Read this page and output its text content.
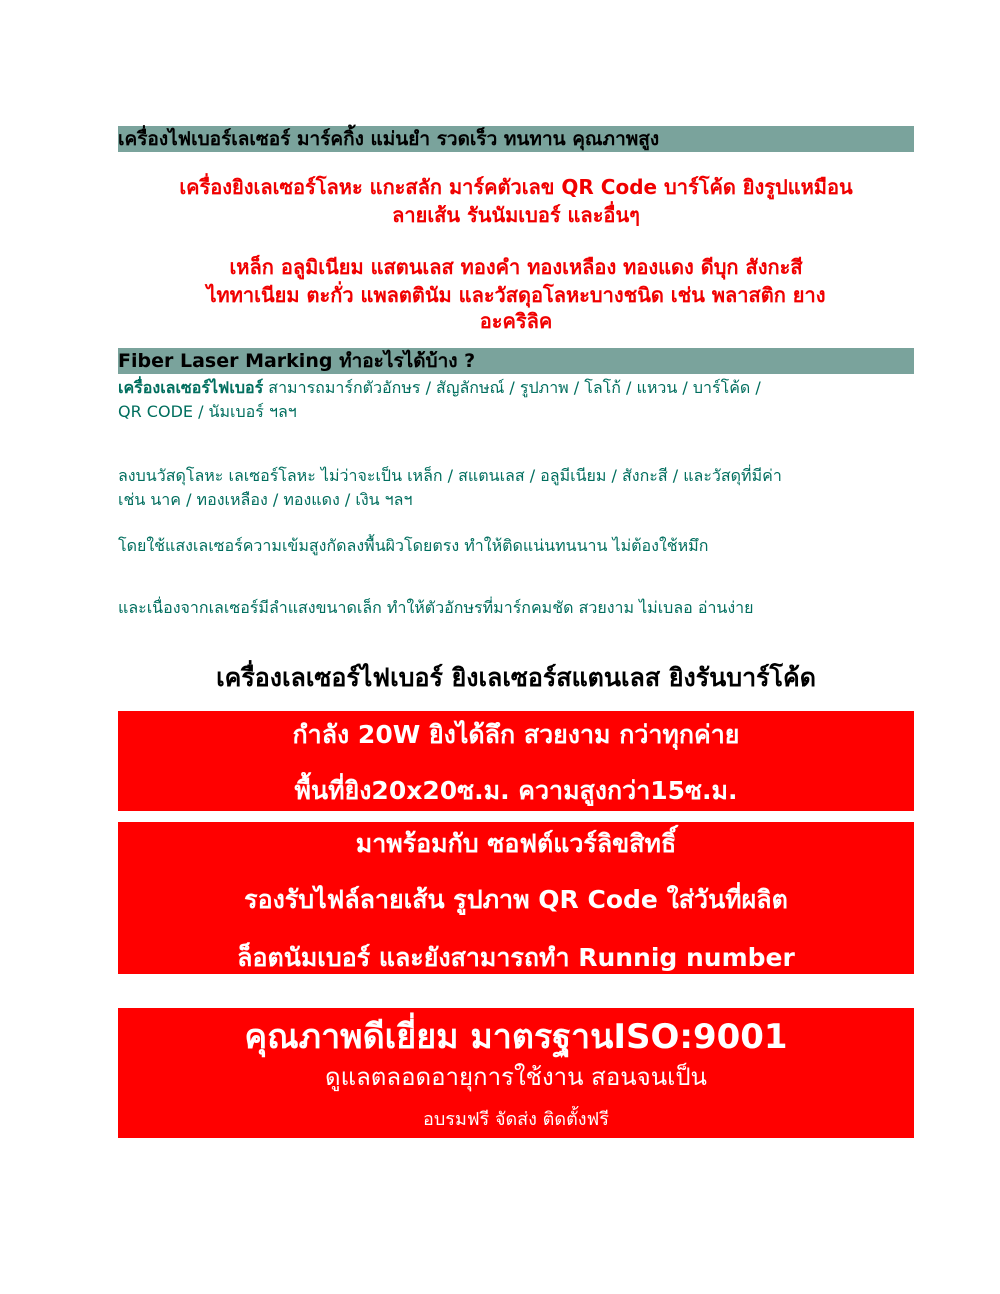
เครื่องไฟเบอร์เลเซอร์ มาร์คกิ้ง แม่นยำ รวดเร็ว ทนทาน คุณภาพสูง
เครื่องยิงเลเซอร์โลหะ แกะสลัก มาร์คตัวเลข QR Code บาร์โค้ด ยิงรูปแหมือน
ลายเส้น รันนัมเบอร์ และอื่นๆ
เหล็ก อลูมิเนียม แสตนเลส ทองคำ ทองเหลือง ทองแดง ดีบุก สังกะสี
ไททาเนียม ตะกั่ว แพลตตินัม และวัสดุอโลหะบางชนิด เช่น พลาสติก ยาง
อะคริลิค
Fiber Laser Marking ทำอะไรได้บ้าง ?
เครื่องเลเซอร์ไฟเบอร์ สามารถมาร์กตัวอักษร / สัญลักษณ์ / รูปภาพ / โลโก้ / แหวน / บาร์โค้ด /
QR CODE / นัมเบอร์ ฯลฯ
ลงบนวัสดุโลหะ เลเซอร์โลหะ ไม่ว่าจะเป็น เหล็ก / สแตนเลส / อลูมีเนียม / สังกะสี / และวัสดุที่มีค่า
เช่น นาค / ทองเหลือง / ทองแดง / เงิน ฯลฯ
โดยใช้แสงเลเซอร์ความเข้มสูงกัดลงพื้นผิวโดยตรง ทำให้ติดแน่นทนนาน ไม่ต้องใช้หมึก
และเนื่องจากเลเซอร์มีลำแสงขนาดเล็ก ทำให้ตัวอักษรที่มาร์กคมชัด สวยงาม ไม่เบลอ อ่านง่าย
เครื่องเลเซอร์ไฟเบอร์ ยิงเลเซอร์สแตนเลส ยิงรันบาร์โค้ด
กำลัง 20W ยิงได้ลึก สวยงาม กว่าทุกค่าย
พื้นที่ยิง20x20ซ.ม. ความสูงกว่า15ซ.ม.
มาพร้อมกับ ซอฟต์แวร์ลิขสิทธิ์
รองรับไฟล์ลายเส้น รูปภาพ QR Code ใส่วันที่ผลิต
ล็อตนัมเบอร์ และยังสามารถทำ Runnig number
คุณภาพดีเยี่ยม มาตรฐานISO:9001
ดูแลตลอดอายุการใช้งาน สอนจนเป็น
อบรมฟรี จัดส่ง ติดตั้งฟรี
